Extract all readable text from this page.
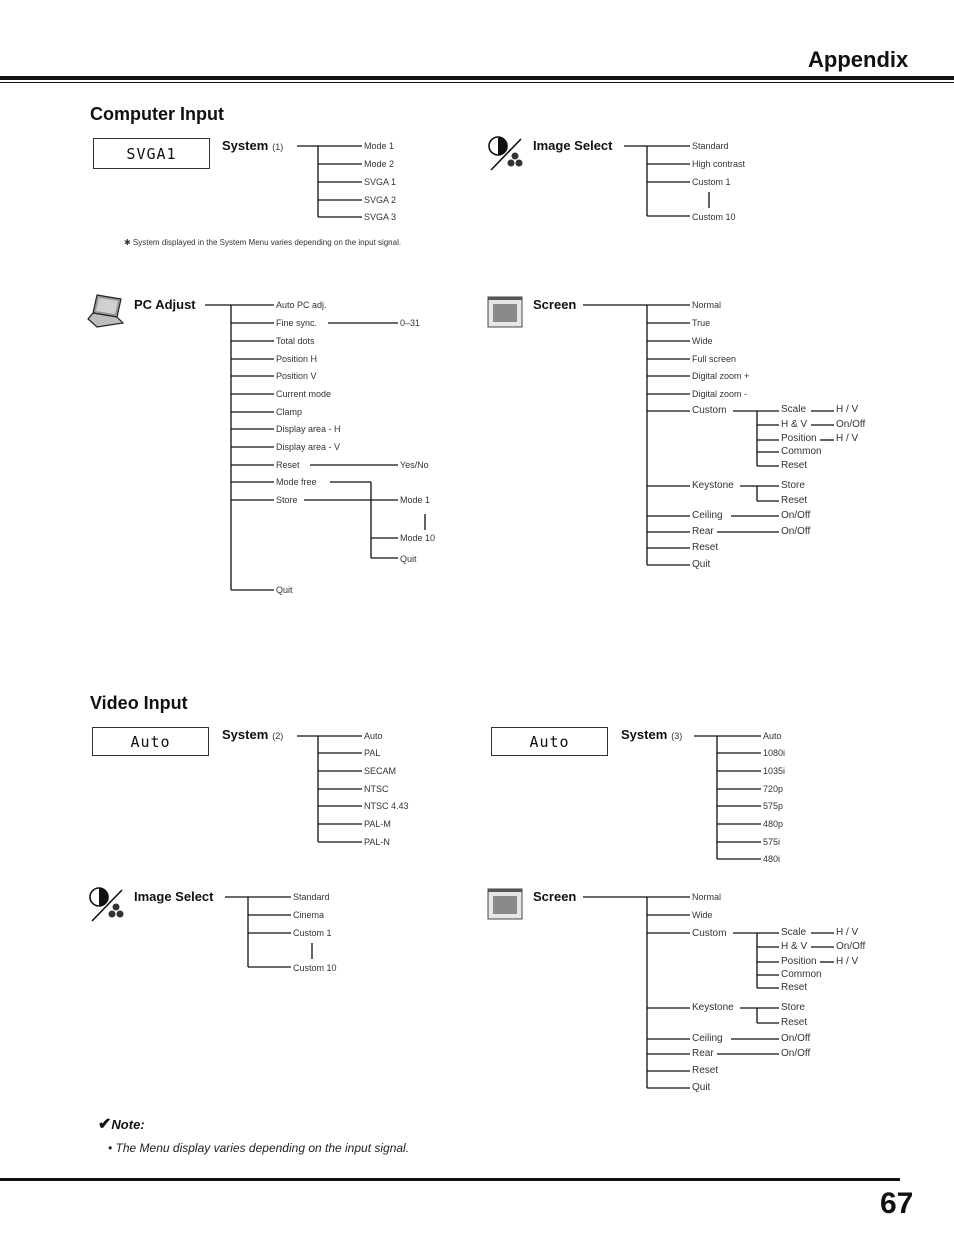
Appendix
67
Computer Input
SVGA1	System (1)	Mode 1
Mode 2
SVGA 1
SVGA 2
SVGA 3
✱ System displayed in the System Menu varies depending on the input signal.
Image Select	Standard
High contrast
Custom 1
Custom 10
PC Adjust	Auto PC adj.
Fine sync.
Total dots
Position H
Position V
Current mode
Clamp
Display area - H
Display area - V
Reset
Mode free
Store
Quit
0–31
Yes/No
Mode 1
Mode 10
Quit
Screen	Normal
True
Wide
Full screen
Digital zoom +
Digital zoom -
Custom
Keystone
Ceiling
Rear
Reset
Quit
Scale
H & V
Position
Common
Reset
H / V
On/Off
H / V
Store
Reset
On/Off
On/Off
Video Input
Auto	Auto
System (2)	Auto
PAL
SECAM
NTSC
NTSC 4.43
PAL-M
PAL-N
System (3)	Auto
1080i
1035i
720p
575p
480p
575i
480i
Image Select	Standard
Cinema
Custom 1
Custom 10
Screen	Normal
Wide
Custom
Keystone
Ceiling
Rear
Reset
Quit
Scale
H & V
Position
Common
Reset
H / V
On/Off
H / V
Store
Reset
On/Off
On/Off
✔Note:
• The Menu display varies depending on the input signal.
